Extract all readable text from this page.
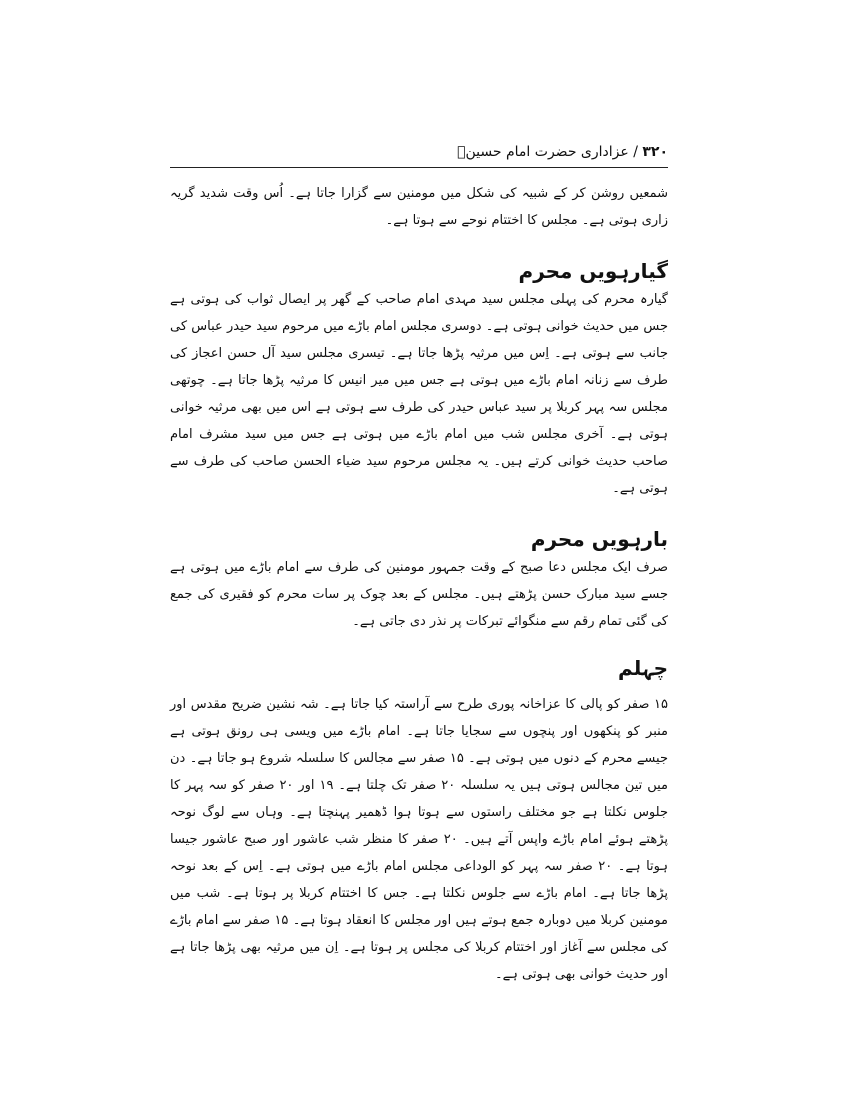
۳۲۰ / عزاداری حضرت امام حسینؑ

شمعیں روشن کر کے شبیہ کی شکل میں مومنین سے گزارا جاتا ہے۔ اُس وقت شدید گریہ زاری ہوتی ہے۔ مجلس کا اختتام نوحے سے ہوتا ہے۔

گیارہویں محرم

گیارہ محرم کی پہلی مجلس سید مہدی امام صاحب کے گھر پر ایصال ثواب کی ہوتی ہے جس میں حدیث خوانی ہوتی ہے۔ دوسری مجلس امام باڑے میں مرحوم سید حیدر عباس کی جانب سے ہوتی ہے۔ اِس میں مرثیہ پڑھا جاتا ہے۔ تیسری مجلس سید آل حسن اعجاز کی طرف سے زنانہ امام باڑے میں ہوتی ہے جس میں میر انیس کا مرثیہ پڑھا جاتا ہے۔ چوتھی مجلس سہ پہر کربلا پر سید عباس حیدر کی طرف سے ہوتی ہے اس میں بھی مرثیہ خوانی ہوتی ہے۔ آخری مجلس شب میں امام باڑے میں ہوتی ہے جس میں سید مشرف امام صاحب حدیث خوانی کرتے ہیں۔ یہ مجلس مرحوم سید ضیاء الحسن صاحب کی طرف سے ہوتی ہے۔

بارہویں محرم

صرف ایک مجلس دعا صبح کے وقت جمہور مومنین کی طرف سے امام باڑے میں ہوتی ہے جسے سید مبارک حسن پڑھتے ہیں۔ مجلس کے بعد چوک پر سات محرم کو فقیری کی جمع کی گئی تمام رقم سے منگوائے تبرکات پر نذر دی جاتی ہے۔

چہلم

۱۵ صفر کو پالی کا عزاخانہ پوری طرح سے آراستہ کیا جاتا ہے۔ شہ نشین ضریح مقدس اور منبر کو پنکھوں اور پنچوں سے سجایا جاتا ہے۔ امام باڑے میں ویسی ہی رونق ہوتی ہے جیسے محرم کے دنوں میں ہوتی ہے۔ ۱۵ صفر سے مجالس کا سلسلہ شروع ہو جاتا ہے۔ دن میں تین مجالس ہوتی ہیں یہ سلسلہ ۲۰ صفر تک چلتا ہے۔ ۱۹ اور ۲۰ صفر کو سہ پہر کا جلوس نکلتا ہے جو مختلف راستوں سے ہوتا ہوا ڈھمیر پہنچتا ہے۔ وہاں سے لوگ نوحہ پڑھتے ہوئے امام باڑے واپس آتے ہیں۔ ۲۰ صفر کا منظر شب عاشور اور صبح عاشور جیسا ہوتا ہے۔ ۲۰ صفر سہ پہر کو الوداعی مجلس امام باڑے میں ہوتی ہے۔ اِس کے بعد نوحہ پڑھا جاتا ہے۔ امام باڑے سے جلوس نکلتا ہے۔ جس کا اختتام کربلا پر ہوتا ہے۔ شب میں مومنین کربلا میں دوبارہ جمع ہوتے ہیں اور مجلس کا انعقاد ہوتا ہے۔ ۱۵ صفر سے امام باڑے کی مجلس سے آغاز اور اختتام کربلا کی مجلس پر ہوتا ہے۔ اِن میں مرثیہ بھی پڑھا جاتا ہے اور حدیث خوانی بھی ہوتی ہے۔
